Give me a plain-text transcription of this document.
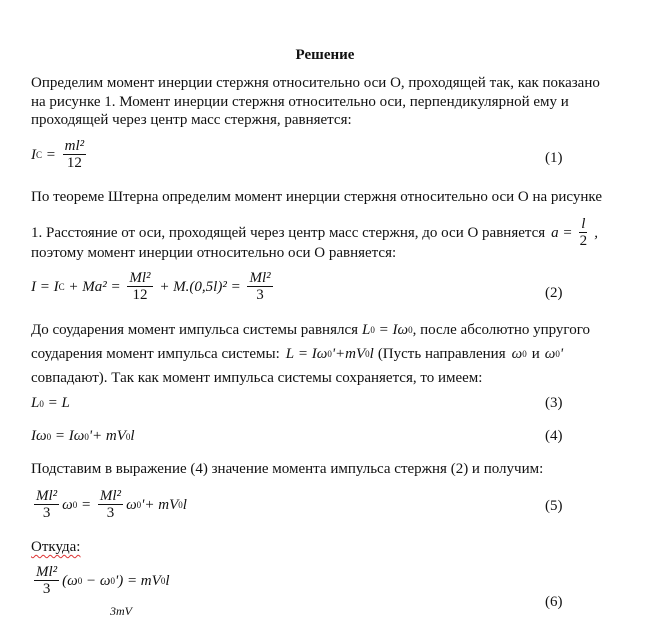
Решение
Определим момент инерции стержня относительно оси О, проходящей так, как показано
на рисунке 1. Момент инерции стержня относительно оси, перпендикулярной ему и
проходящей через центр масс стержня, равняется:
I $C = \frac{\text{ml²}}{12}$	(1)
По теореме Штерна определим момент инерции стержня относительно оси О на рисунке
1. Расстояние от оси, проходящей через центр масс стержня, до оси О равняется $a = \frac{l}{2}$ ,
поэтому момент инерции относительно оси О равняется:
I = I $C + Ma^2 = \frac{\text{Ml²}}{12} + M.(0,5l)^2 = \frac{\text{Ml²}}{3}$	(2)
До соударения момент импульса системы равнялся L 0 = Iω 0 , после абсолютно упругого
соударения момент импульса системы: L = Iω 0 '+mV 0 l (Пусть направления ω 0 и ω 0 '
совпадают). Так как момент импульса системы сохраняется, то имеем:
L 0 = L	(3)
Iω 0 = Iω 0 '+ mV 0 l	(4)
Подставим в выражение (4) значение момента импульса стержня (2) и получим:
$\frac{\text{Ml²}}{3}$ ω $0 = \frac{\text{Ml²}}{3}$ ω 0 '+ mV 0 l	(5)
Откуда:
$\frac{\text{Ml²}}{3} (\omega$ 0 − ω 0 ') = mV 0 l
(6)
3mV
